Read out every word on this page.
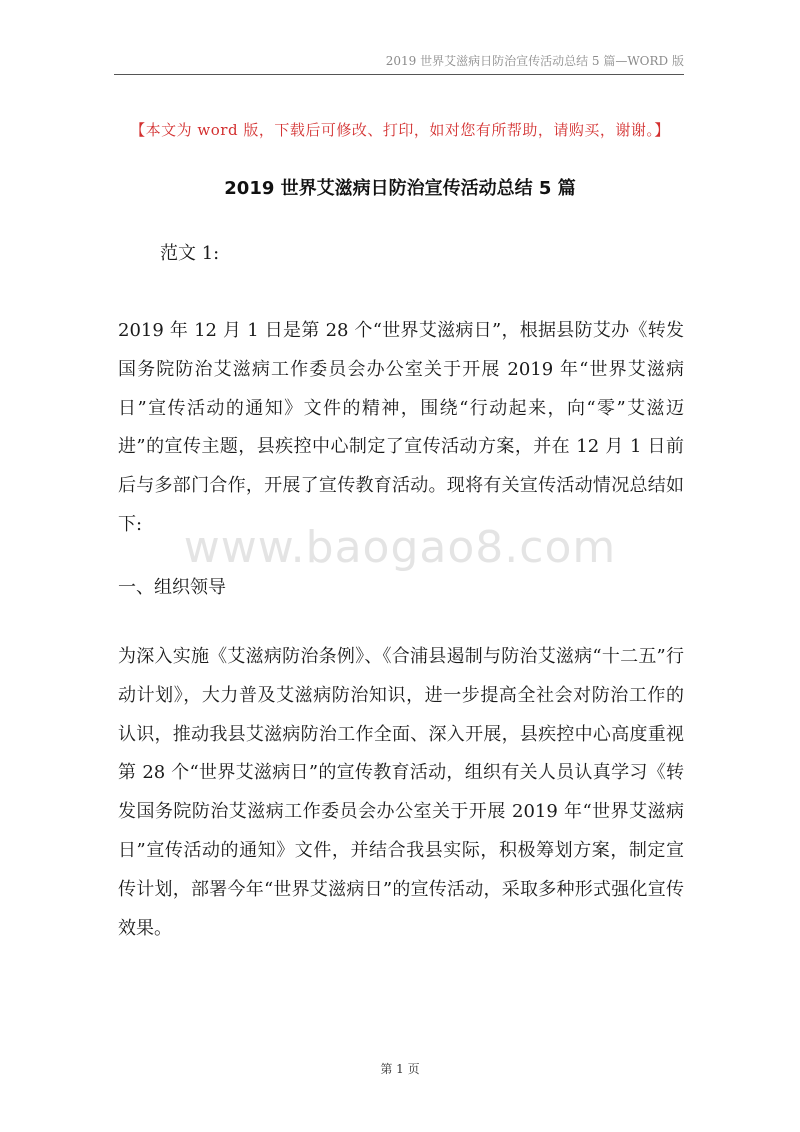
2019 世界艾滋病日防治宣传活动总结 5 篇—WORD 版
【本文为 word 版，下载后可修改、打印，如对您有所帮助，请购买，谢谢。】
2019 世界艾滋病日防治宣传活动总结 5 篇
范文 1:
2019 年 12 月 1 日是第 28 个“世界艾滋病日”，根据县防艾办《转发国务院防治艾滋病工作委员会办公室关于开展 2019 年“世界艾滋病日”宣传活动的通知》文件的精神，围绕“行动起来，向“零”艾滋迈进”的宣传主题，县疾控中心制定了宣传活动方案，并在 12 月 1 日前后与多部门合作，开展了宣传教育活动。现将有关宣传活动情况总结如下: www.baogao8.com
一、组织领导
为深入实施《艾滋病防治条例》、《合浦县遏制与防治艾滋病“十二五”行动计划》，大力普及艾滋病防治知识，进一步提高全社会对防治工作的认识，推动我县艾滋病防治工作全面、深入开展，县疾控中心高度重视第 28 个“世界艾滋病日”的宣传教育活动，组织有关人员认真学习《转发国务院防治艾滋病工作委员会办公室关于开展 2019 年“世界艾滋病日”宣传活动的通知》文件，并结合我县实际，积极筹划方案，制定宣传计划，部署今年“世界艾滋病日”的宣传活动，采取多种形式强化宣传效果。
第 1 页
